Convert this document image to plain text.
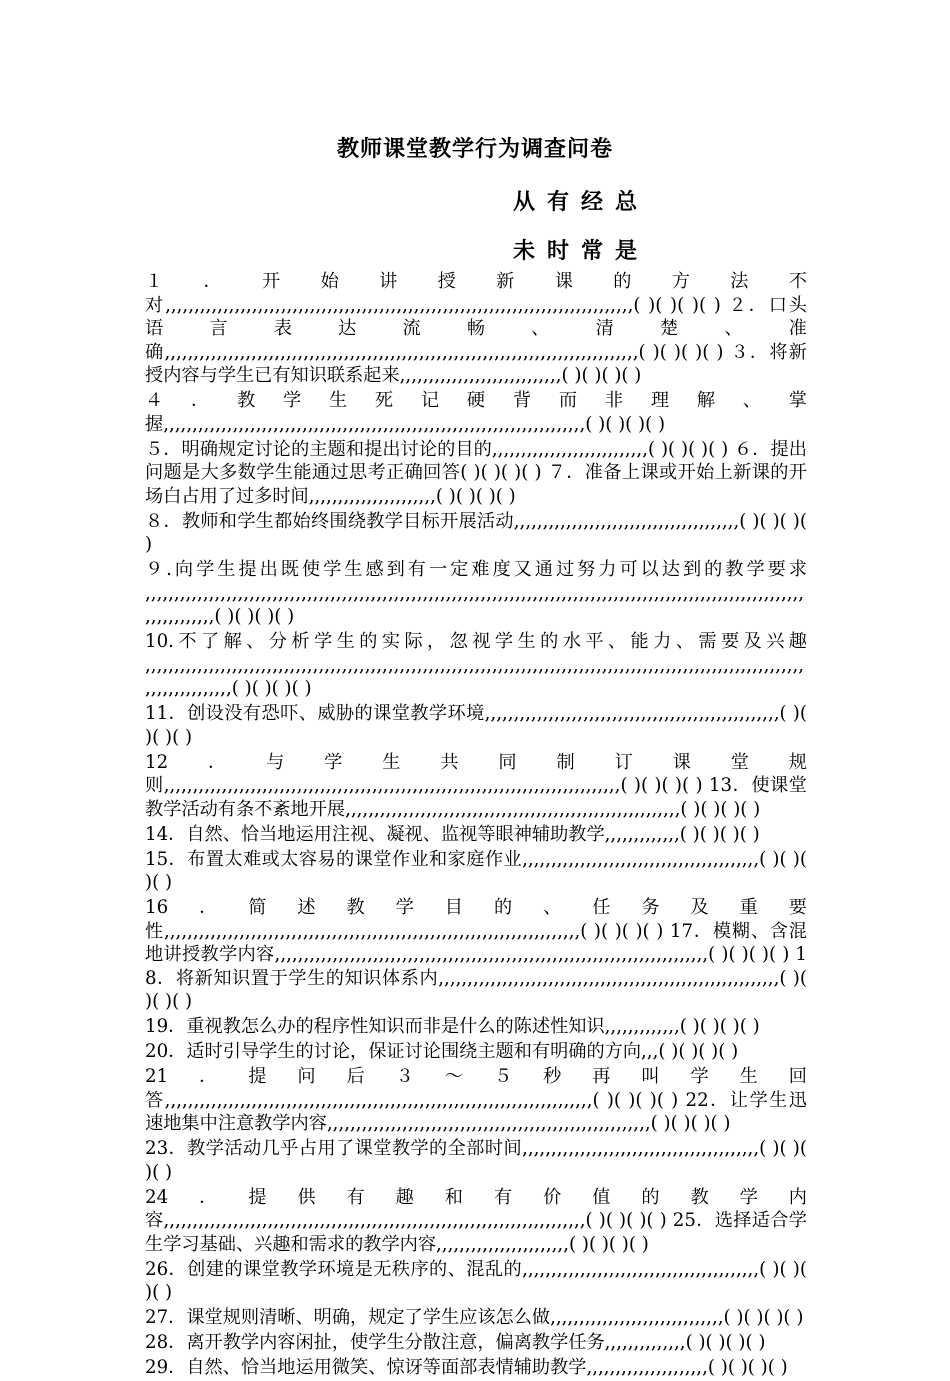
教师课堂教学行为调查问卷
从有经总
未时常是

１．开始讲授新课的方法不对,,,,,,,,,,,,,,,,,,,,,,,,,,,,,,,,,,,,,,,,,,,,,,,,,,,,,,,,,,,,,,,,,,,,,,,,,,,,,,,,,( )( )( )( ) ２．口头语言表达流畅、清楚、准确,,,,,,,,,,,,,,,,,,,,,,,,,,,,,,,,,,,,,,,,,,,,,,,,,,,,,,,,,,,,,,,,,,,,,,,,,,,,,,,,,,( )( )( )( ) ３．将新授内容与学生已有知识联系起来,,,,,,,,,,,,,,,,,,,,,,,,,,,,( )( )( )( )

４．教学生死记硬背而非理解、掌握,,,,,,,,,,,,,,,,,,,,,,,,,,,,,,,,,,,,,,,,,,,,,,,,,,,,,,,,,,,,,,,,,,,,,,,,,( )( )( )( )

５．明确规定讨论的主题和提出讨论的目的,,,,,,,,,,,,,,,,,,,,,,,,,,,( )( )( )( ) ６．提出问题是大多数学生能通过思考正确回答( )( )( )( ) ７．准备上课或开始上新课的开场白占用了过多时间,,,,,,,,,,,,,,,,,,,,,,( )( )( )( )

８．教师和学生都始终围绕教学目标开展活动,,,,,,,,,,,,,,,,,,,,,,,,,,,,,,,,,,,,,,,( )( )( )( )

９.向学生提出既使学生感到有一定难度又通过努力可以达到的教学要求 ,,,,,,,,,,,,,,,,,,,,,,,,,,,,,,,,,,,,,,,,,,,,,,,,,,,,,,,,,,,,,,,,,,,,,,,,,,,,,,,,,,,,,,,,,,,,,,,,,,,,,,,,,,,,,,,,,,,,,,,,,,,,,,( )( )( )( )

10.不了解、分析学生的实际，忽视学生的水平、能力、需要及兴趣 ,,,,,,,,,,,,,,,,,,,,,,,,,,,,,,,,,,,,,,,,,,,,,,,,,,,,,,,,,,,,,,,,,,,,,,,,,,,,,,,,,,,,,,,,,,,,,,,,,,,,,,,,,,,,,,,,,,,,,,,,,,,,,,,,,( )( )( )( )

11．创设没有恐吓、威胁的课堂教学环境,,,,,,,,,,,,,,,,,,,,,,,,,,,,,,,,,,,,,,,,,,,,,,,,,,,( )( )( )( )

12．与学生共同制订课堂规则,,,,,,,,,,,,,,,,,,,,,,,,,,,,,,,,,,,,,,,,,,,,,,,,,,,,,,,,,,,,,,,,,,,,,,,,,,,,,,,( )( )( )( ) 13．使课堂教学活动有条不紊地开展,,,,,,,,,,,,,,,,,,,,,,,,,,,,,,,,,,,,,,,,,,,,,,,,,,,,,,,,,,( )( )( )( )

14．自然、恰当地运用注视、凝视、监视等眼神辅助教学,,,,,,,,,,,,,( )( )( )( )

15．布置太难或太容易的课堂作业和家庭作业,,,,,,,,,,,,,,,,,,,,,,,,,,,,,,,,,,,,,,,,,( )( )( )( )

16．简述教学目的、任务及重要性,,,,,,,,,,,,,,,,,,,,,,,,,,,,,,,,,,,,,,,,,,,,,,,,,,,,,,,,,,,,,,,,,,,,,,,,( )( )( )( ) 17．模糊、含混地讲授教学内容,,,,,,,,,,,,,,,,,,,,,,,,,,,,,,,,,,,,,,,,,,,,,,,,,,,,,,,,,,,,,,,,,,,,,,,,,,,( )( )( )( ) 18．将新知识置于学生的知识体系内,,,,,,,,,,,,,,,,,,,,,,,,,,,,,,,,,,,,,,,,,,,,,,,,,,,,,,,,,,,( )( )( )( )

19．重视教怎么办的程序性知识而非是什么的陈述性知识,,,,,,,,,,,,,( )( )( )( )

20．适时引导学生的讨论，保证讨论围绕主题和有明确的方向,,,( )( )( )( )

21．提问后３～５秒再叫学生回答,,,,,,,,,,,,,,,,,,,,,,,,,,,,,,,,,,,,,,,,,,,,,,,,,,,,,,,,,,,,,,,,,,,,,,,,,,( )( )( )( ) 22．让学生迅速地集中注意教学内容,,,,,,,,,,,,,,,,,,,,,,,,,,,,,,,,,,,,,,,,,,,,,,,,,,,,,,,,( )( )( )( )

23．教学活动几乎占用了课堂教学的全部时间,,,,,,,,,,,,,,,,,,,,,,,,,,,,,,,,,,,,,,,,,( )( )( )( )

24．提供有趣和有价值的教学内容,,,,,,,,,,,,,,,,,,,,,,,,,,,,,,,,,,,,,,,,,,,,,,,,,,,,,,,,,,,,,,,,,,,,,,,,,( )( )( )( ) 25．选择适合学生学习基础、兴趣和需求的教学内容,,,,,,,,,,,,,,,,,,,,,,,( )( )( )( )

26．创建的课堂教学环境是无秩序的、混乱的,,,,,,,,,,,,,,,,,,,,,,,,,,,,,,,,,,,,,,,,,( )( )( )( )

27．课堂规则清晰、明确，规定了学生应该怎么做,,,,,,,,,,,,,,,,,,,,,,,,,,,,,,( )( )( )( )

28．离开教学内容闲扯，使学生分散注意，偏离教学任务,,,,,,,,,,,,,,( )( )( )( )

29．自然、恰当地运用微笑、惊讶等面部表情辅助教学,,,,,,,,,,,,,,,,,,,,,( )( )( )( )
